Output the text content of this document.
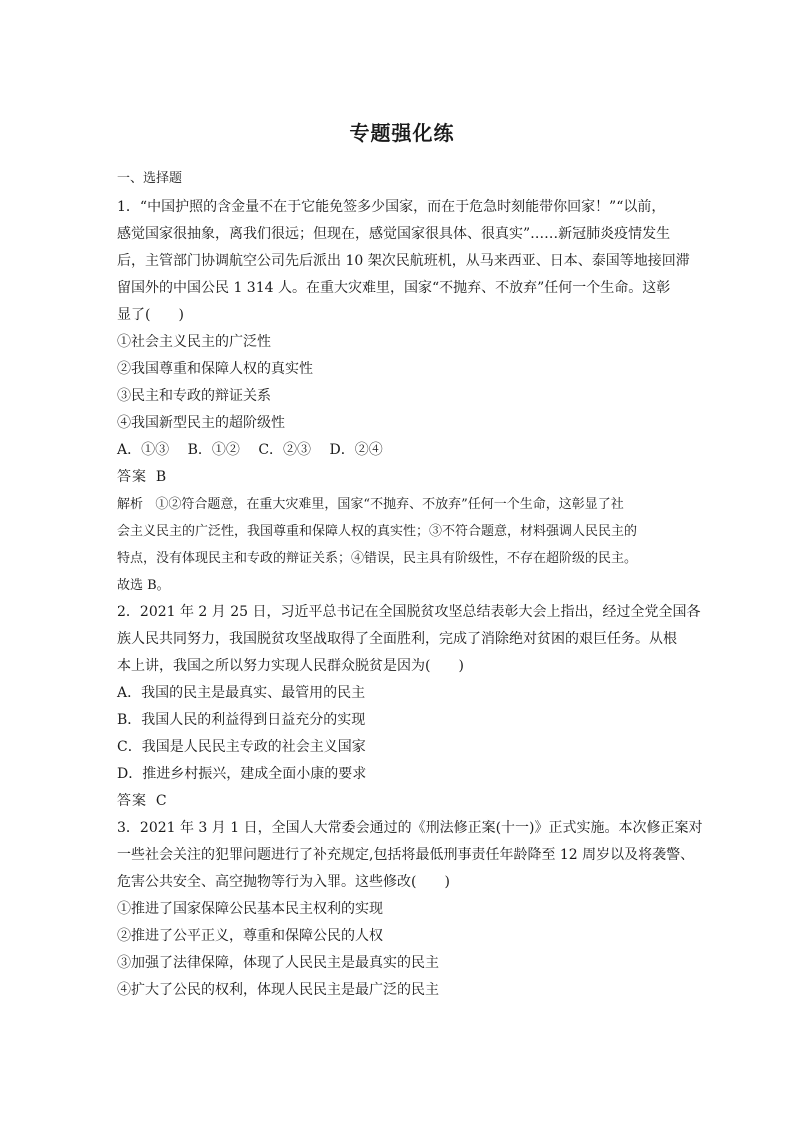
专题强化练
一、选择题

1．“中国护照的含金量不在于它能免签多少国家，而在于危急时刻能带你回家！”“以前，

感觉国家很抽象，离我们很远；但现在，感觉国家很具体、很真实”……新冠肺炎疫情发生

后，主管部门协调航空公司先后派出 10 架次民航班机，从马来西亚、日本、泰国等地接回滞

留国外的中国公民 1 314 人。在重大灾难里，国家“不抛弃、不放弃”任何一个生命。这彰

显了(　　)

①社会主义民主的广泛性

②我国尊重和保障人权的真实性

③民主和专政的辩证关系

④我国新型民主的超阶级性

A．①③ B．①② C．②③ D．②④

答案 B

解析 ①②符合题意，在重大灾难里，国家“不抛弃、不放弃”任何一个生命，这彰显了社

会主义民主的广泛性，我国尊重和保障人权的真实性；③不符合题意，材料强调人民民主的

特点，没有体现民主和专政的辩证关系；④错误，民主具有阶级性，不存在超阶级的民主。

故选 B。

2．2021 年 2 月 25 日，习近平总书记在全国脱贫攻坚总结表彰大会上指出，经过全党全国各

族人民共同努力，我国脱贫攻坚战取得了全面胜利，完成了消除绝对贫困的艰巨任务。从根

本上讲，我国之所以努力实现人民群众脱贫是因为(　　)

A．我国的民主是最真实、最管用的民主

B．我国人民的利益得到日益充分的实现

C．我国是人民民主专政的社会主义国家

D．推进乡村振兴，建成全面小康的要求

答案 C

3．2021 年 3 月 1 日，全国人大常委会通过的《刑法修正案(十一)》正式实施。本次修正案对

一些社会关注的犯罪问题进行了补充规定,包括将最低刑事责任年龄降至 12 周岁以及将袭警、

危害公共安全、高空抛物等行为入罪。这些修改(　　)

①推进了国家保障公民基本民主权利的实现

②推进了公平正义，尊重和保障公民的人权

③加强了法律保障，体现了人民民主是最真实的民主

④扩大了公民的权利，体现人民民主是最广泛的民主
